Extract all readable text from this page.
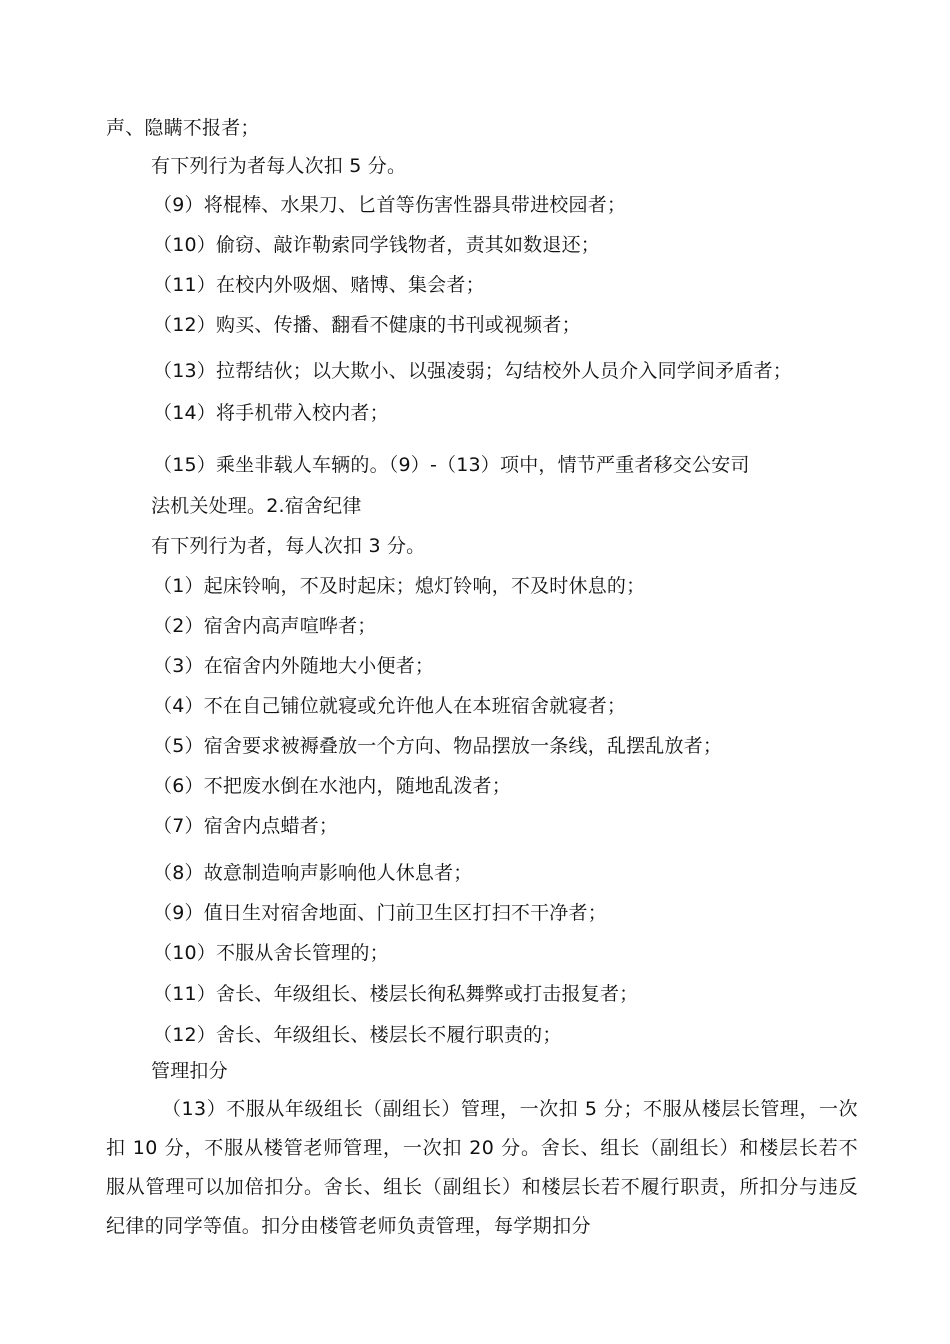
声、隐瞒不报者；
有下列行为者每人次扣 5 分。
（9）将棍棒、水果刀、匕首等伤害性器具带进校园者；
（10）偷窃、敲诈勒索同学钱物者，责其如数退还；
（11）在校内外吸烟、赌博、集会者；
（12）购买、传播、翻看不健康的书刊或视频者；
（13）拉帮结伙；以大欺小、以强凌弱；勾结校外人员介入同学间矛盾者；
（14）将手机带入校内者；
（15）乘坐非载人车辆的。（9）-（13）项中，情节严重者移交公安司
法机关处理。2.宿舍纪律
有下列行为者，每人次扣 3 分。
（1）起床铃响，不及时起床；熄灯铃响，不及时休息的；
（2）宿舍内高声喧哗者；
（3）在宿舍内外随地大小便者；
（4）不在自己铺位就寝或允许他人在本班宿舍就寝者；
（5）宿舍要求被褥叠放一个方向、物品摆放一条线，乱摆乱放者；
（6）不把废水倒在水池内，随地乱泼者；
（7）宿舍内点蜡者；
（8）故意制造响声影响他人休息者；
（9）值日生对宿舍地面、门前卫生区打扫不干净者；
（10）不服从舍长管理的；
（11）舍长、年级组长、楼层长徇私舞弊或打击报复者；
（12）舍长、年级组长、楼层长不履行职责的；
管理扣分
（13）不服从年级组长（副组长）管理，一次扣 5 分；不服从楼层长管理，一次扣 10 分，不服从楼管老师管理，一次扣 20 分。舍长、组长（副组长）和楼层长若不服从管理可以加倍扣分。舍长、组长（副组长）和楼层长若不履行职责，所扣分与违反纪律的同学等值。扣分由楼管老师负责管理，每学期扣分
